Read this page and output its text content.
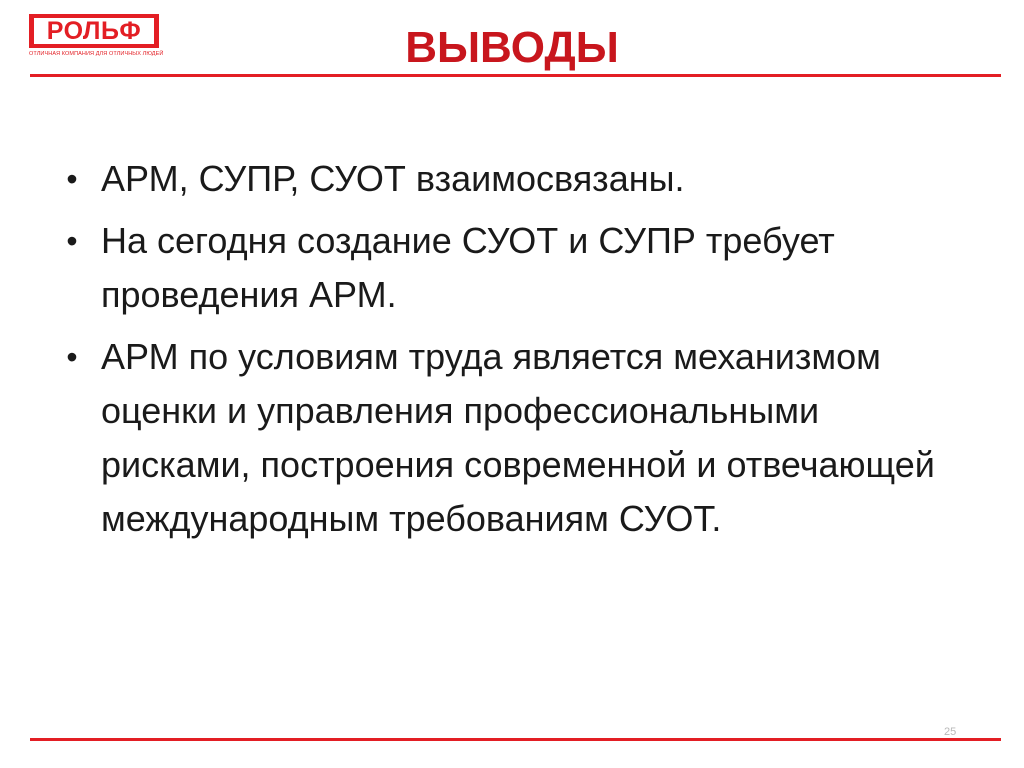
РОЛЬФ
ОТЛИЧНАЯ КОМПАНИЯ ДЛЯ ОТЛИЧНЫХ ЛЮДЕЙ	ВЫВОДЫ
• АРМ, СУПР, СУОТ взаимосвязаны.
• На сегодня создание СУОТ и СУПР требует проведения АРМ.
• АРМ по условиям труда является механизмом оценки и управления профессиональными рисками, построения современной и отвечающей международным требованиям СУОТ.
25
